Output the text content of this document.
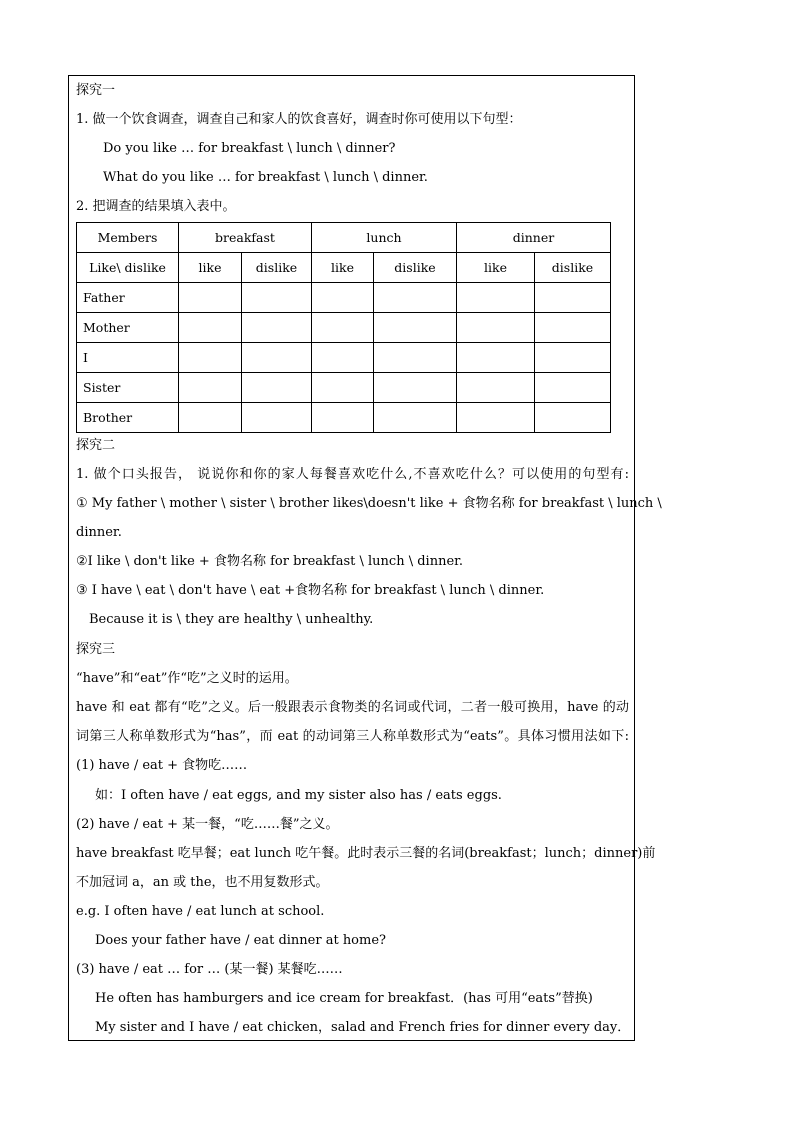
探究一
1. 做一个饮食调查，调查自己和家人的饮食喜好，调查时你可使用以下句型：
Do you like … for breakfast \ lunch \ dinner?
What do you like … for breakfast \ lunch \ dinner.
2. 把调查的结果填入表中。
Members	breakfast		lunch		dinner	
Like\ dislike	like	dislike	like	dislike	like	dislike
Father						
Mother						
I						
Sister						
Brother						
探究二
1. 做个口头报告， 说说你和你的家人每餐喜欢吃什么,不喜欢吃什么？可以使用的句型有:
① My father \ mother \ sister \ brother likes\doesn't like + 食物名称 for breakfast \ lunch \
dinner.
②I like \ don't like + 食物名称 for breakfast \ lunch \ dinner.
③ I have \ eat \ don't have \ eat +食物名称 for breakfast \ lunch \ dinner.
Because it is \ they are healthy \ unhealthy.
探究三
“have”和“eat”作“吃”之义时的运用。
have 和 eat 都有“吃”之义。后一般跟表示食物类的名词或代词，二者一般可换用，have 的动
词第三人称单数形式为“has”，而 eat 的动词第三人称单数形式为“eats”。具体习惯用法如下:
(1) have / eat + 食物吃……
如：I often have / eat eggs, and my sister also has / eats eggs.
(2) have / eat + 某一餐，“吃……餐”之义。
have breakfast 吃早餐；eat lunch 吃午餐。此时表示三餐的名词(breakfast；lunch；dinner)前
不加冠词 a，an 或 the，也不用复数形式。
e.g. I often have / eat lunch at school.
Does your father have / eat dinner at home?
(3) have / eat … for … (某一餐) 某餐吃……
He often has hamburgers and ice cream for breakfast．(has 可用“eats”替换)
My sister and I have / eat chicken，salad and French fries for dinner every day．
